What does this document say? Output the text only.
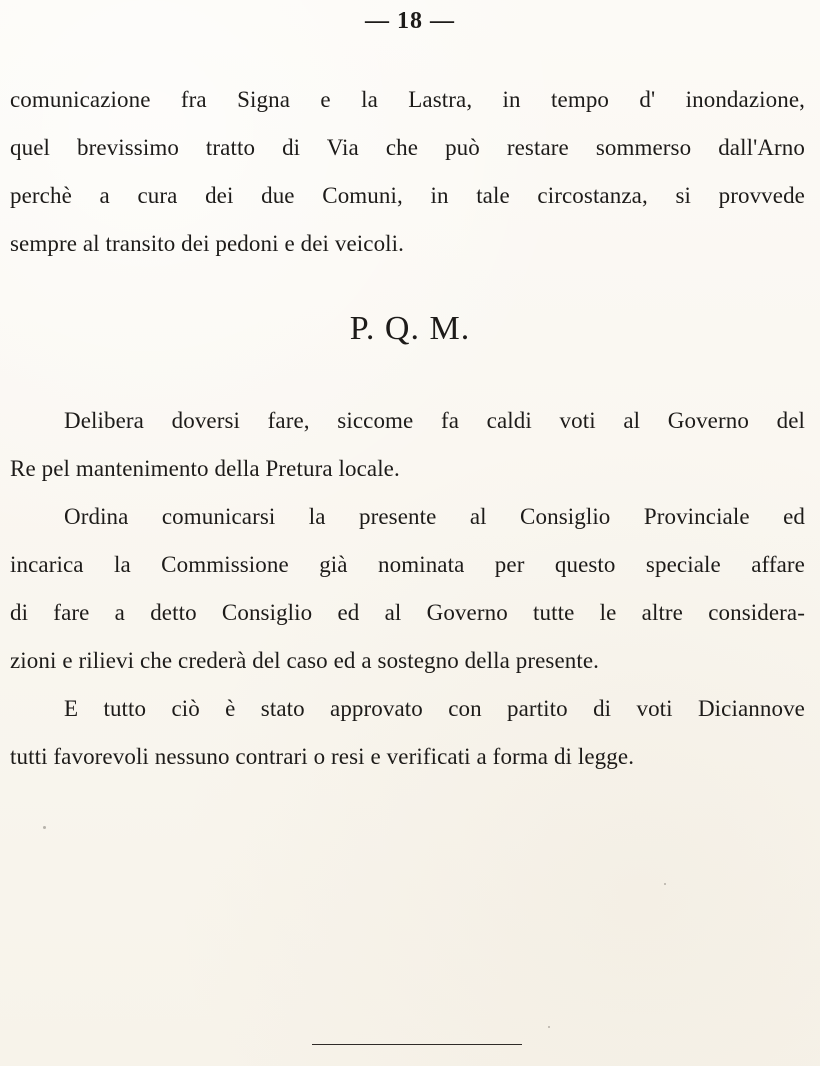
— 18 —
comunicazione fra Signa e la Lastra, in tempo d' inondazione,
quel brevissimo tratto di Via che può restare sommerso dall'Arno
perchè a cura dei due Comuni, in tale circostanza, si provvede
sempre al transito dei pedoni e dei veicoli.
P. Q. M.
Delibera doversi fare, siccome fa caldi voti al Governo del
Re pel mantenimento della Pretura locale.
Ordina comunicarsi la presente al Consiglio Provinciale ed
incarica la Commissione già nominata per questo speciale affare
di fare a detto Consiglio ed al Governo tutte le altre considera-
zioni e rilievi che crederà del caso ed a sostegno della presente.
E tutto ciò è stato approvato con partito di voti Diciannove
tutti favorevoli nessuno contrari o resi e verificati a forma di legge.
